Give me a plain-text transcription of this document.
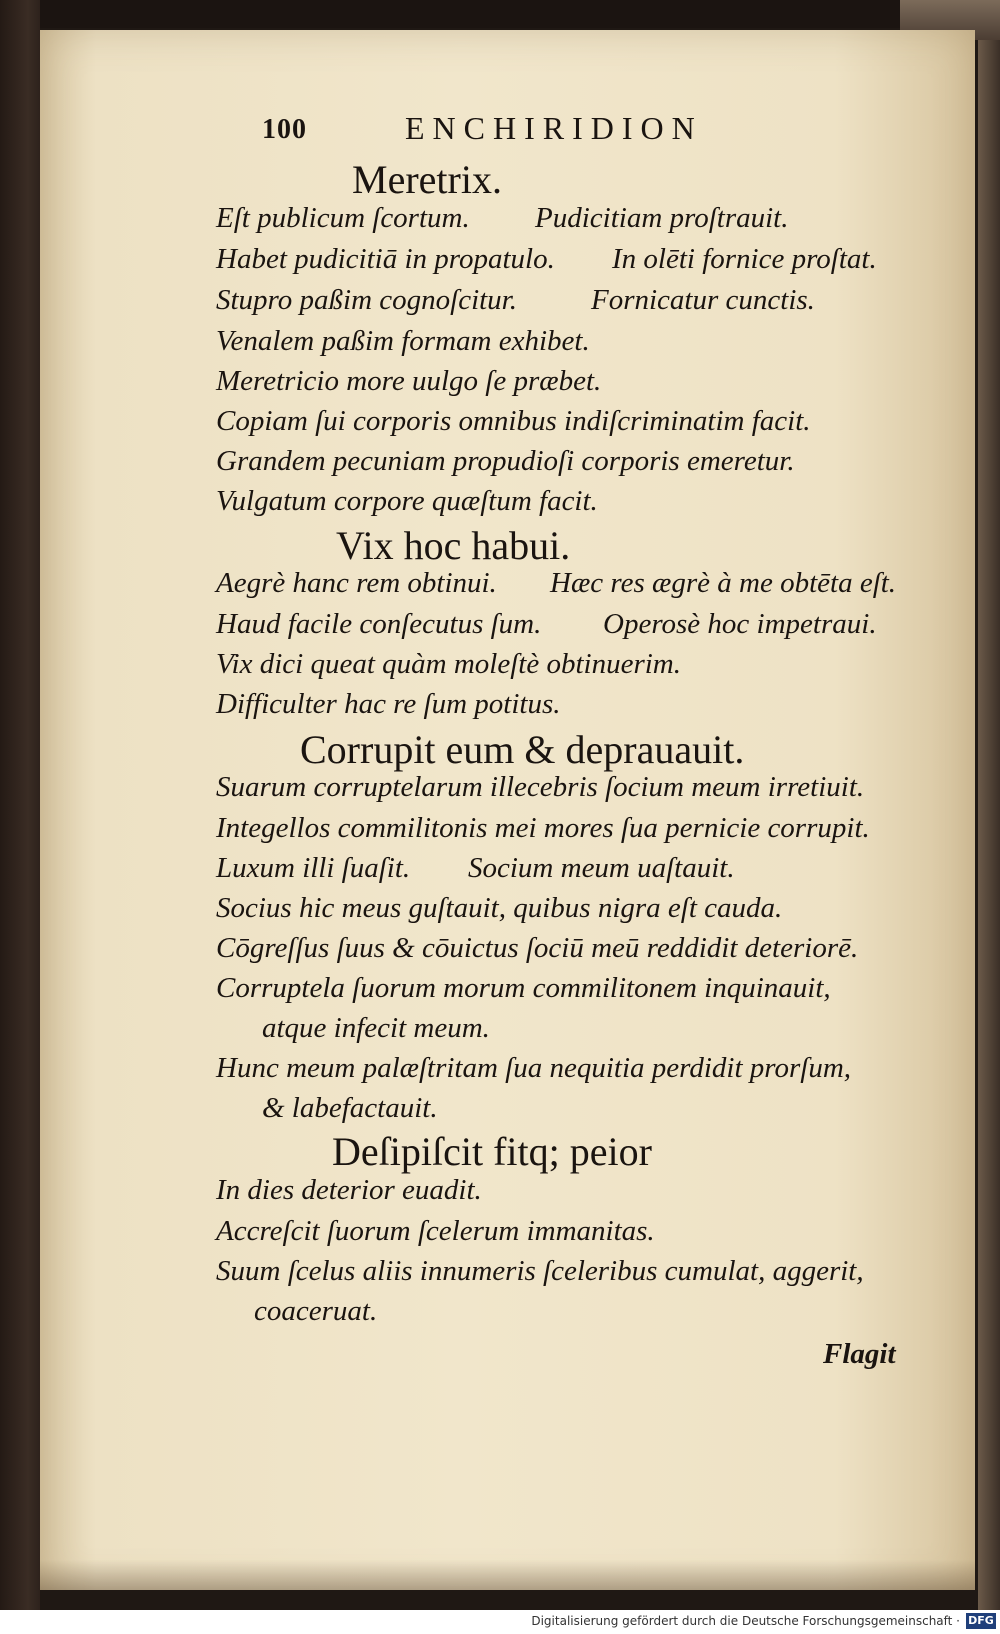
100	ENCHIRIDION
Meretrix.
Eſt publicum ſcortum. Pudicitiam proſtrauit.
Habet pudicitiā in propatulo. In olēti fornice proſtat.
Stupro paßim cognoſcitur.	Fornicatur cunctis.
Venalem paßim formam exhibet.
Meretricio more uulgo ſe præbet.
Copiam ſui corporis omnibus indiſcriminatim facit.
Grandem pecuniam propudioſi corporis emeretur.
Vulgatum corpore quæſtum facit.
Vix hoc habui.
Aegrè hanc rem obtinui. Hæc res ægrè à me obtēta eſt.
Haud facile conſecutus ſum. Operosè hoc impetraui.
Vix dici queat quàm moleſtè obtinuerim.
Difficulter hac re ſum potitus.
Corrupit eum & deprauauit.
Suarum corruptelarum illecebris ſocium meum irretiuit.
Integellos commilitonis mei mores ſua pernicie corrupit.
Luxum illi ſuaſit. Socium meum uaſtauit.
Socius hic meus guſtauit, quibus nigra eſt cauda.
Cōgreſſus ſuus & cōuictus ſociū meū reddidit deteriorē.
Corruptela ſuorum morum commilitonem inquinauit,
atque infecit meum.
Hunc meum palæſtritam ſua nequitia perdidit prorſum,
& labefactauit.
Deſipiſcit fitq; peior
In dies deterior euadit.
Accreſcit ſuorum ſcelerum immanitas.
Suum ſcelus aliis innumeris ſceleribus cumulat, aggerit,
coaceruat.
Flagit
Digitalisierung gefördert durch die Deutsche Forschungsgemeinschaft · DFG
